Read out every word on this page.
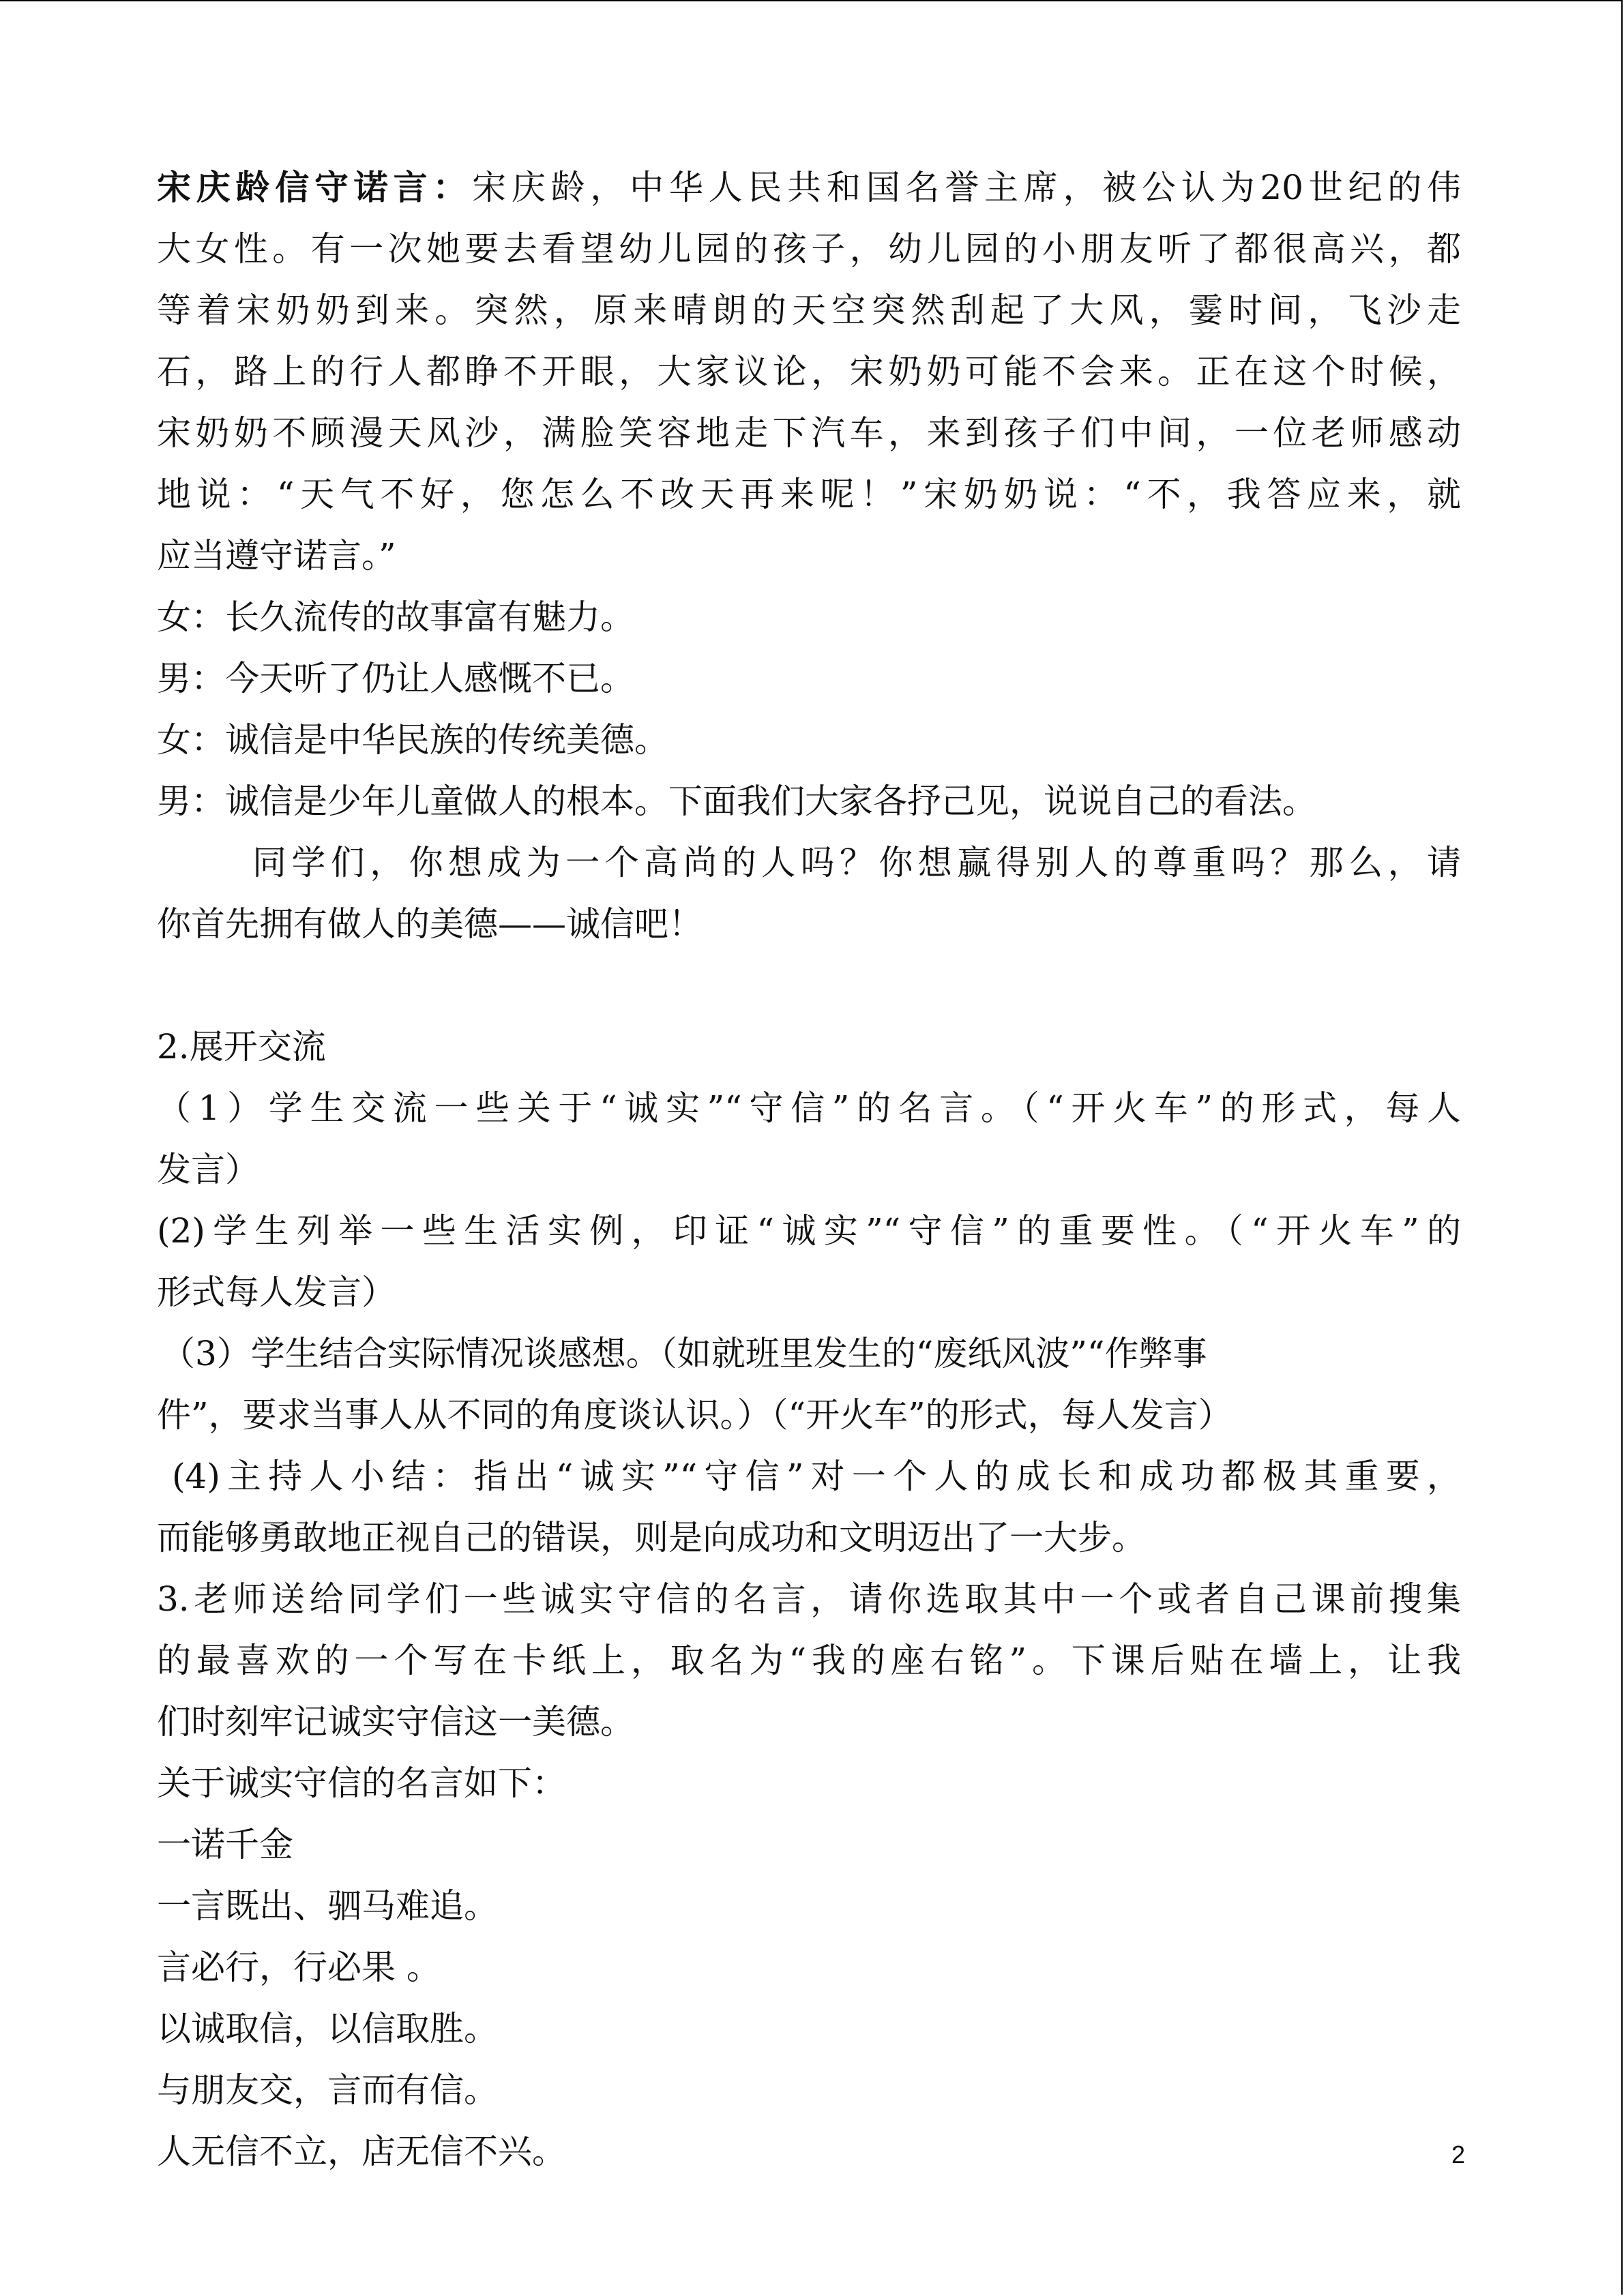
宋庆龄信守诺言：宋庆龄，中华人民共和国名誉主席，被公认为20世纪的伟
大女性。有一次她要去看望幼儿园的孩子，幼儿园的小朋友听了都很高兴，都
等着宋奶奶到来。突然，原来晴朗的天空突然刮起了大风，霎时间，飞沙走
石，路上的行人都睁不开眼，大家议论，宋奶奶可能不会来。正在这个时候，
宋奶奶不顾漫天风沙，满脸笑容地走下汽车，来到孩子们中间，一位老师感动
地说：“天气不好，您怎么不改天再来呢！”宋奶奶说：“不，我答应来，就
应当遵守诺言。”
女：长久流传的故事富有魅力。
男：今天听了仍让人感慨不已。
女：诚信是中华民族的传统美德。
男：诚信是少年儿童做人的根本。下面我们大家各抒己见，说说自己的看法。
同学们，你想成为一个高尚的人吗？你想赢得别人的尊重吗？那么，请
你首先拥有做人的美德——诚信吧！
2.展开交流
（1）学生交流一些关于“诚实”“守信”的名言。（“开火车”的形式，每人
发言）
(2)学生列举一些生活实例，印证“诚实”“守信”的重要性。（“开火车”的
形式每人发言）
（3）学生结合实际情况谈感想。（如就班里发生的“废纸风波”“作弊事
件”，要求当事人从不同的角度谈认识。）（“开火车”的形式，每人发言）
(4)主持人小结：指出“诚实”“守信”对一个人的成长和成功都极其重要，
而能够勇敢地正视自己的错误，则是向成功和文明迈出了一大步。
3.老师送给同学们一些诚实守信的名言，请你选取其中一个或者自己课前搜集
的最喜欢的一个写在卡纸上，取名为“我的座右铭”。下课后贴在墙上，让我
们时刻牢记诚实守信这一美德。
关于诚实守信的名言如下：
一诺千金
一言既出、驷马难追。
言必行，行必果 。
以诚取信，以信取胜。
与朋友交，言而有信。
人无信不立，店无信不兴。	2
